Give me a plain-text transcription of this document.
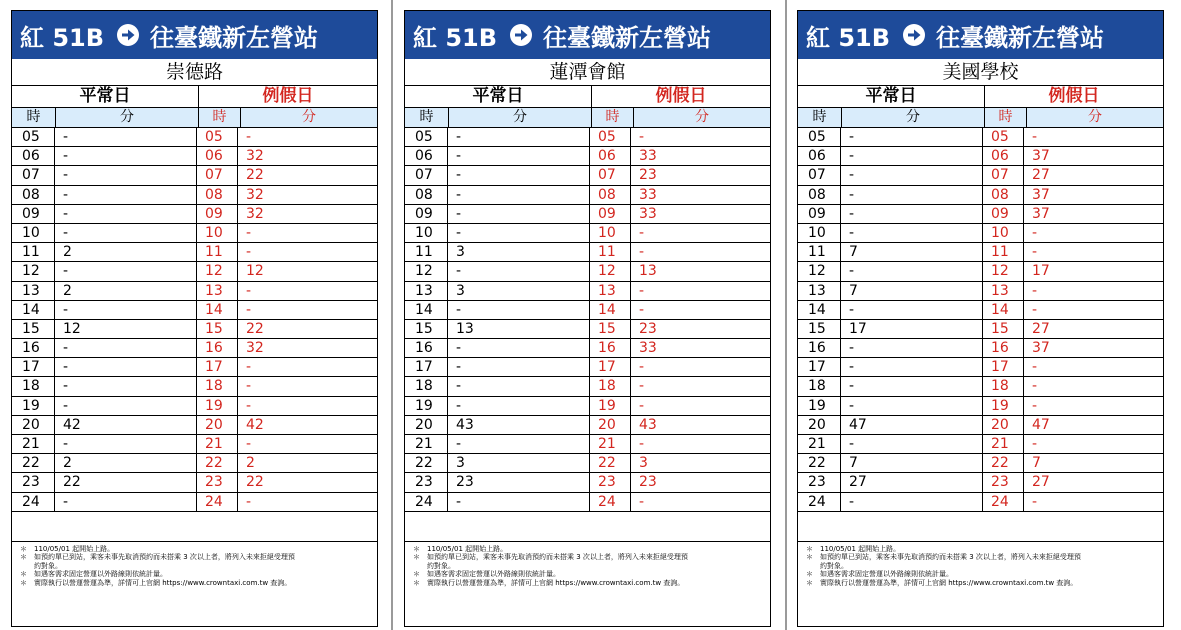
紅 51B 往臺鐵新左營站
崇德路
平常日	例假日
時	分	時	分
05	-	05	-
06	-	06	32
07	-	07	22
08	-	08	32
09	-	09	32
10	-	10	-
11	2	11	-
12	-	12	12
13	2	13	-
14	-	14	-
15	12	15	22
16	-	16	32
17	-	17	-
18	-	18	-
19	-	19	-
20	42	20	42
21	-	21	-
22	2	22	2
23	22	23	22
24	-	24	-
＊　110/05/01 起開始上路。
＊　如預約單已到站，乘客未事先取消預約而未搭乘 3 次以上者，將列入未來拒絕受理預
　　約對象。
＊　如遇客需求固定營運以外路線則依統計量。
＊　實際執行以營運營運為準，詳情可上官網 https://www.crowntaxi.com.tw 查詢。
紅 51B 往臺鐵新左營站
蓮潭會館
平常日	例假日
時	分	時	分
05	-	05	-
06	-	06	33
07	-	07	23
08	-	08	33
09	-	09	33
10	-	10	-
11	3	11	-
12	-	12	13
13	3	13	-
14	-	14	-
15	13	15	23
16	-	16	33
17	-	17	-
18	-	18	-
19	-	19	-
20	43	20	43
21	-	21	-
22	3	22	3
23	23	23	23
24	-	24	-
＊　110/05/01 起開始上路。
＊　如預約單已到站，乘客未事先取消預約而未搭乘 3 次以上者，將列入未來拒絕受理預
　　約對象。
＊　如遇客需求固定營運以外路線則依統計量。
＊　實際執行以營運營運為準，詳情可上官網 https://www.crowntaxi.com.tw 查詢。
紅 51B 往臺鐵新左營站
美國學校
平常日	例假日
時	分	時	分
05	-	05	-
06	-	06	37
07	-	07	27
08	-	08	37
09	-	09	37
10	-	10	-
11	7	11	-
12	-	12	17
13	7	13	-
14	-	14	-
15	17	15	27
16	-	16	37
17	-	17	-
18	-	18	-
19	-	19	-
20	47	20	47
21	-	21	-
22	7	22	7
23	27	23	27
24	-	24	-
＊　110/05/01 起開始上路。
＊　如預約單已到站，乘客未事先取消預約而未搭乘 3 次以上者，將列入未來拒絕受理預
　　約對象。
＊　如遇客需求固定營運以外路線則依統計量。
＊　實際執行以營運營運為準，詳情可上官網 https://www.crowntaxi.com.tw 查詢。
